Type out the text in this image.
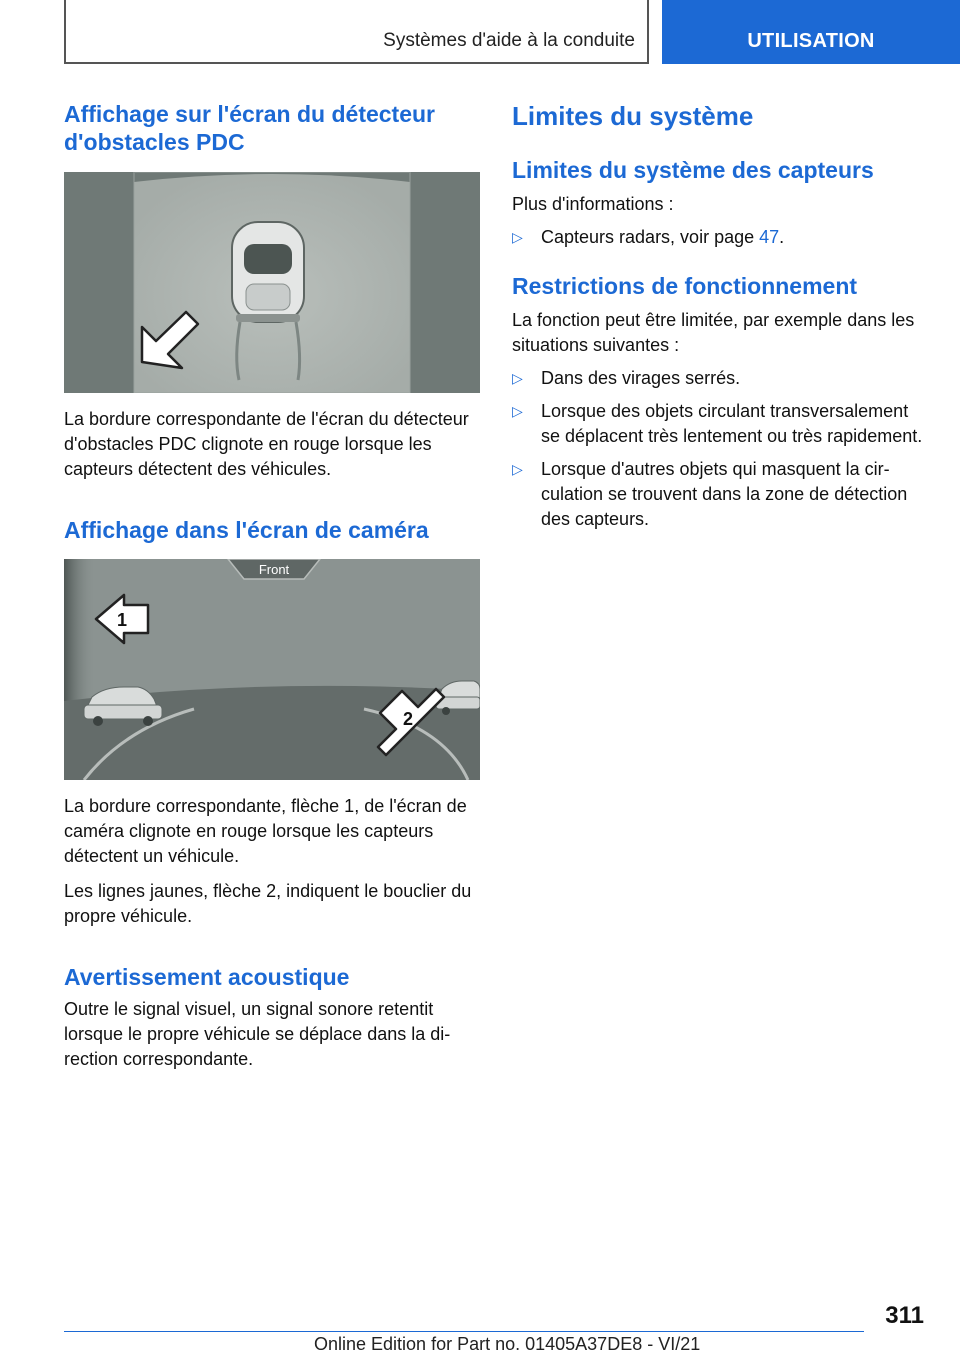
Systèmes d'aide à la conduite	UTILISATION
Affichage sur l'écran du détecteur d'obstacles PDC

La bordure correspondante de l'écran du détecteur d'obstacles PDC clignote en rouge lorsque les capteurs détectent des véhicules.

Affichage dans l'écran de caméra
Front
1
2

La bordure correspondante, flèche 1, de l'écran de caméra clignote en rouge lorsque les capteurs détectent un véhicule.

Les lignes jaunes, flèche 2, indiquent le bouclier du propre véhicule.

Avertissement acoustique

Outre le signal visuel, un signal sonore retentit lorsque le propre véhicule se déplace dans la direction correspondante.

Limites du système
Limites du système des capteurs

Plus d'informations :

▷ Capteurs radars, voir page 47.
Restrictions de fonctionnement

La fonction peut être limitée, par exemple dans les situations suivantes :

▷ Dans des virages serrés.
▷ Lorsque des objets circulant transversalement se déplacent très lentement ou très rapidement.
▷ Lorsque d'autres objets qui masquent la circulation se trouvent dans la zone de détection des capteurs.
311
Online Edition for Part no. 01405A37DE8 - VI/21
